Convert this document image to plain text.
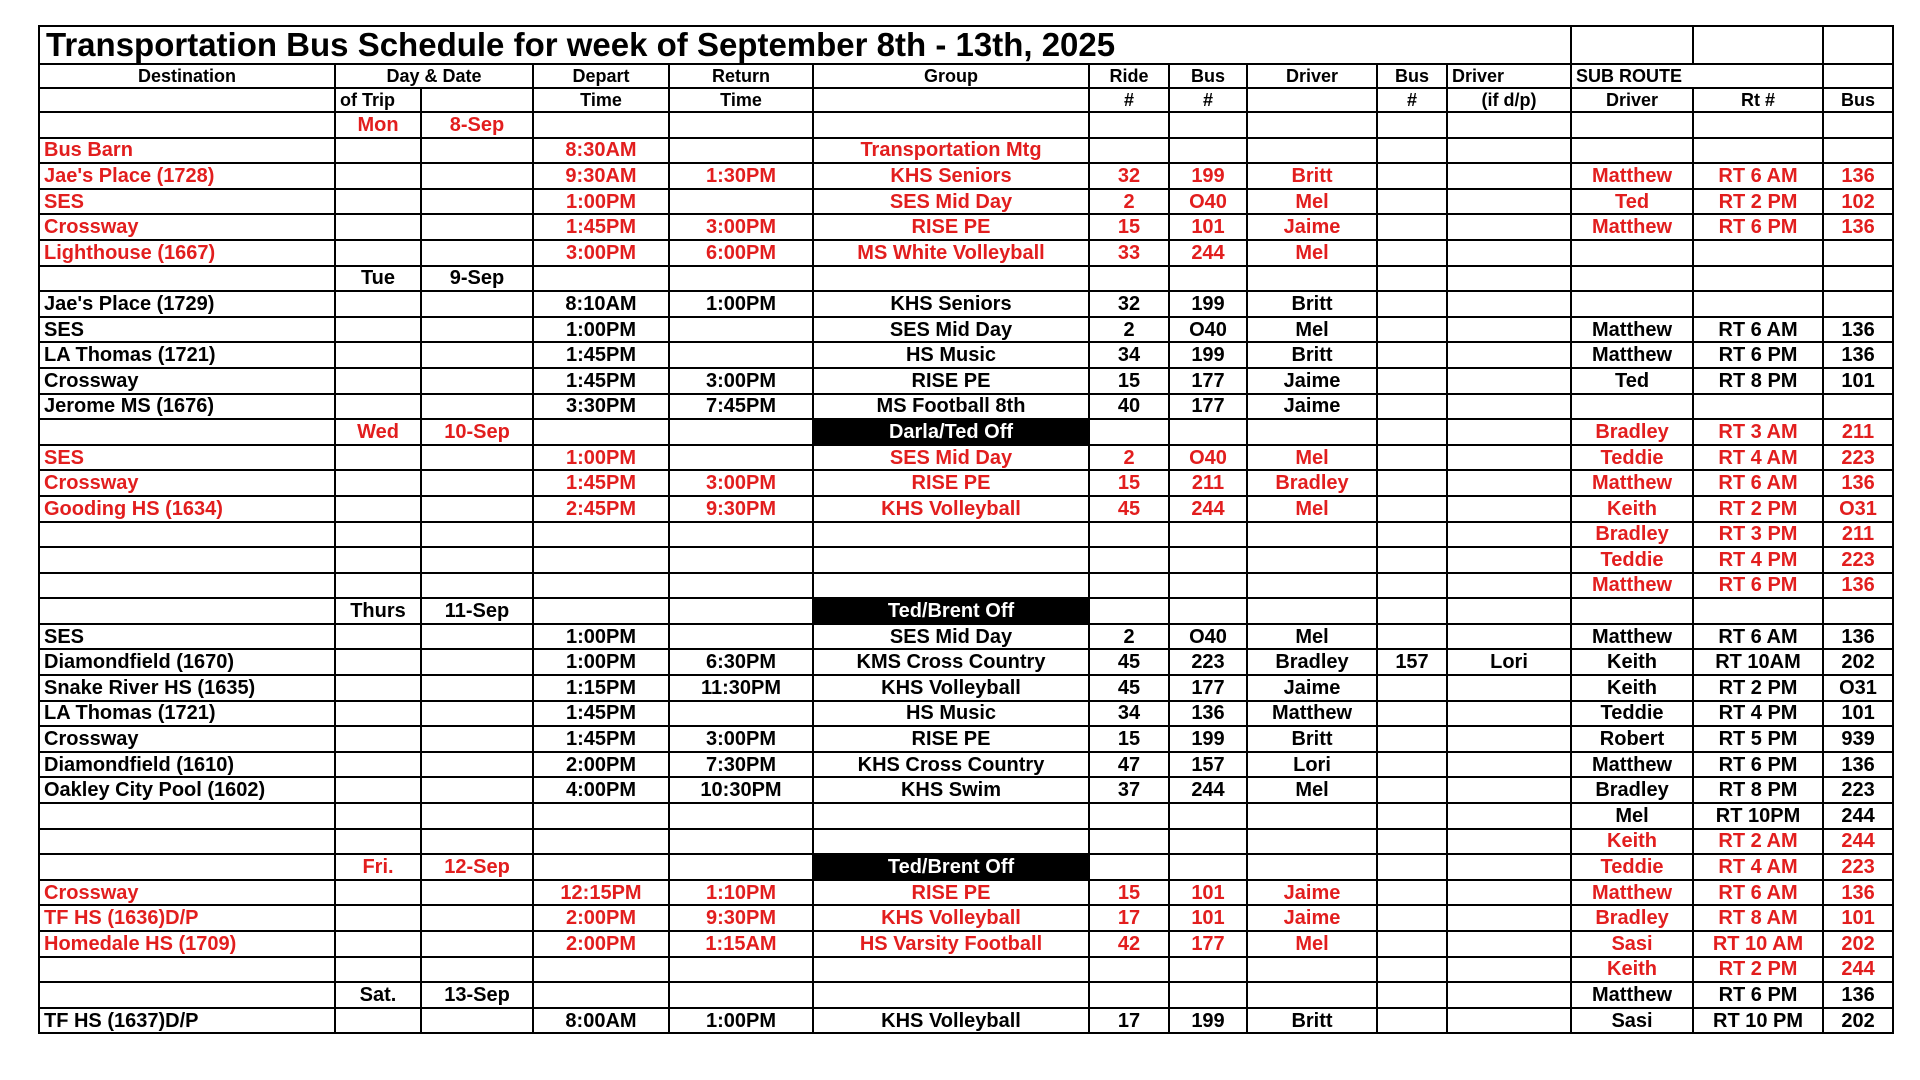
Transportation Bus Schedule for week of September 8th - 13th, 2025													
Destination	Day & Date		Depart	Return	Group	Ride	Bus	Driver	Bus	Driver	SUB ROUTE		
	of Trip		Time	Time		#	#		#	(if d/p)	Driver	Rt #	Bus
	Mon	8-Sep											
Bus Barn			8:30AM		Transportation Mtg								
Jae's Place (1728)			9:30AM	1:30PM	KHS Seniors	32	199	Britt			Matthew	RT 6 AM	136
SES			1:00PM		SES Mid Day	2	O40	Mel			Ted	RT 2 PM	102
Crossway			1:45PM	3:00PM	RISE PE	15	101	Jaime			Matthew	RT 6 PM	136
Lighthouse (1667)			3:00PM	6:00PM	MS White Volleyball	33	244	Mel					
	Tue	9-Sep											
Jae's Place (1729)			8:10AM	1:00PM	KHS Seniors	32	199	Britt					
SES			1:00PM		SES Mid Day	2	O40	Mel			Matthew	RT 6 AM	136
LA Thomas (1721)			1:45PM		HS Music	34	199	Britt			Matthew	RT 6 PM	136
Crossway			1:45PM	3:00PM	RISE PE	15	177	Jaime			Ted	RT 8 PM	101
Jerome MS (1676)			3:30PM	7:45PM	MS Football 8th	40	177	Jaime					
	Wed	10-Sep			Darla/Ted Off						Bradley	RT 3 AM	211
SES			1:00PM		SES Mid Day	2	O40	Mel			Teddie	RT 4 AM	223
Crossway			1:45PM	3:00PM	RISE PE	15	211	Bradley			Matthew	RT 6 AM	136
Gooding HS (1634)			2:45PM	9:30PM	KHS Volleyball	45	244	Mel			Keith	RT 2 PM	O31
											Bradley	RT 3 PM	211
											Teddie	RT 4 PM	223
											Matthew	RT 6 PM	136
	Thurs	11-Sep			Ted/Brent Off								
SES			1:00PM		SES Mid Day	2	O40	Mel			Matthew	RT 6 AM	136
Diamondfield (1670)			1:00PM	6:30PM	KMS Cross Country	45	223	Bradley	157	Lori	Keith	RT 10AM	202
Snake River HS (1635)			1:15PM	11:30PM	KHS Volleyball	45	177	Jaime			Keith	RT 2 PM	O31
LA Thomas (1721)			1:45PM		HS Music	34	136	Matthew			Teddie	RT 4 PM	101
Crossway			1:45PM	3:00PM	RISE PE	15	199	Britt			Robert	RT 5 PM	939
Diamondfield (1610)			2:00PM	7:30PM	KHS Cross Country	47	157	Lori			Matthew	RT 6 PM	136
Oakley City Pool (1602)			4:00PM	10:30PM	KHS Swim	37	244	Mel			Bradley	RT 8 PM	223
											Mel	RT 10PM	244
											Keith	RT 2 AM	244
	Fri.	12-Sep			Ted/Brent Off						Teddie	RT 4 AM	223
Crossway			12:15PM	1:10PM	RISE PE	15	101	Jaime			Matthew	RT 6 AM	136
TF HS (1636)D/P			2:00PM	9:30PM	KHS Volleyball	17	101	Jaime			Bradley	RT 8 AM	101
Homedale HS (1709)			2:00PM	1:15AM	HS Varsity Football	42	177	Mel			Sasi	RT 10 AM	202
											Keith	RT 2 PM	244
	Sat.	13-Sep									Matthew	RT 6 PM	136
TF HS (1637)D/P			8:00AM	1:00PM	KHS Volleyball	17	199	Britt			Sasi	RT 10 PM	202
